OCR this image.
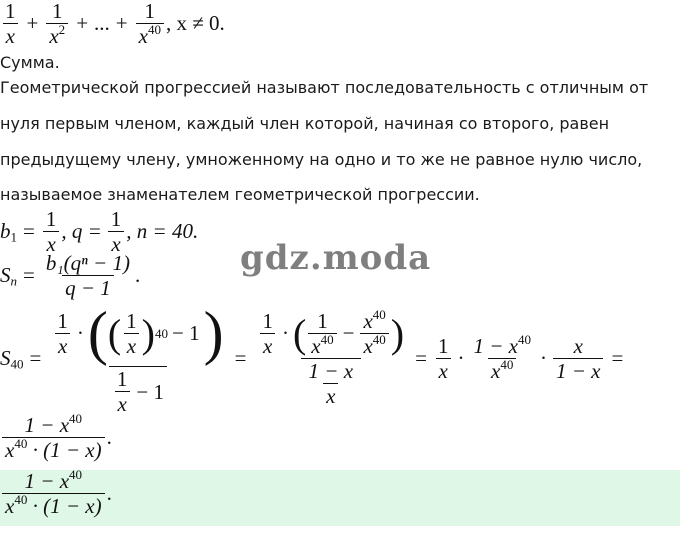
$\frac{1}{x} + \frac{1}{x^2}$ + ... + $\frac{1}{x^{40}}$ , x ≠ 0.
Сумма.
Геометрической прогрессией называют последовательность с отличным от
нуля первым членом, каждый член которой, начиная со второго, равен
предыдущему члену, умноженному на одно и то же не равное нулю число,
называемое знаменателем геометрической прогрессии.
$b_1 = \frac{1}{x}$ , $q = \frac{1}{x}$ , n = 40.
gdz.moda
$S_n = \frac{\text{b₁(qⁿ − 1)}}{q - 1}$ .
$S_{40}$ =
$\frac{1}{x}$ · ( ( $\frac{1}{x}$ ) 40 − 1 )
$\frac{1}{x} - 1$
=
$\frac{1}{x}$ · ( $\frac{1}{x^{40}} - \frac{x^{40}}{x^{40}}$ )
$\frac{1 - x}{x}$
= $\frac{1}{x} \cdot \frac{1 - x^{40}}{x^{40}} \cdot \frac{x}{1 - x}$ =
$\frac{1 - x^{40}}{x^{40} \cdot (1 - x)}$ .
$\frac{1 - x^{40}}{x^{40} \cdot (1 - x)}$ .
